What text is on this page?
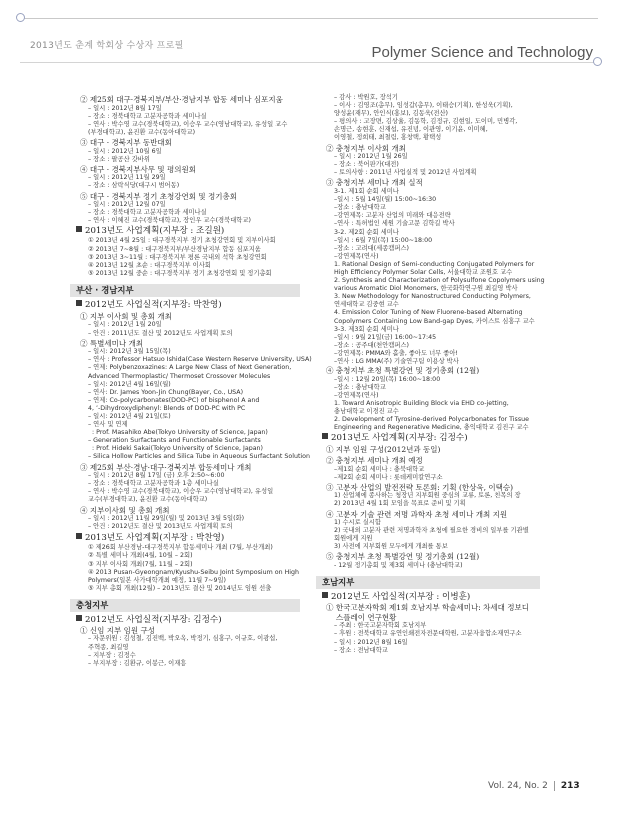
2013년도 춘계 학회상 수상자 프로필	Polymer Science and Technology
② 제25회 대구·경북지부/부산·경남지부 합동 세미나 심포지움
– 일시 : 2012년 8월 17일
– 장소 : 경북대학교 고분자공학과 세미나실
– 연사 : 박수영 교수(경북대학교), 이승우 교수(영남대학교), 유성일 교수
(부경대학교), 윤진환 교수(동아대학교)
③ 대구 · 경북지부 동반대회
– 일시 : 2012년 10월 6일
– 장소 : 팔공산 갓바위
④ 대구 · 경북지부사무 및 평의원회
– 일시 : 2012년 11월 29일
– 장소 : 삼락식당(대구시 범어동)
⑤ 대구 · 경북지부 정기 초청강연회 및 정기총회
– 일시 : 2012년 12월 07일
– 장소 : 경북대학교 고분자공학과 세미나실
– 연사 : 이혜진 교수(경북대학교), 장인우 교수(경북대학교)
2013년도 사업계획(지부장 : 조길원)
① 2013년 4월 25일 : 대구경북지부 정기 초청강연회 및 지부이사회
② 2013년 7~8월 : 대구경북지부/부산경남지부 합동 심포지움
③ 2013년 3~11월 : 대구경북지부 평론 국내외 석학 초청강연회
④ 2013년 12월 초순 : 대구경북지부 이사회
⑤ 2013년 12월 중순 : 대구경북지부 정기 초청강연회 및 정기총회
부산 · 경남지부
2012년도 사업실적(지부장: 박찬영)
① 지부 이사회 및 총회 개최
– 일시 : 2012년 1월 20일
– 안건 : 2011년도 결산 및 2012년도 사업계획 토의
② 특별세미나 개최
– 일시: 2012년 3월 15일(목)
– 연사 : Professor Hatsuo Ishida(Case Western Reserve University, USA)
– 연제: Polybenzoxazines: A Large New Class of Next Generation,
Advanced Thermoplastic/ Thermoset Crossover Molecules
– 일시: 2012년 4월 16일(월)
– 연사: Dr. James Yoon-Jin Chung(Bayer, Co., USA)
– 연제: Co-polycarbonates(DOD-PC) of bisphenol A and
4, ’-Dihydroxydiphenyl: Blends of DOD-PC with PC
– 일시: 2012년 4월 21일(토)
– 연사 및 연제
: Prof. Masahiko Abe(Tokyo University of Science, Japan)
– Generation Surfactants and Functionable Surfactants
: Prof. Hideki Sakai(Tokyo University of Science, Japan)
– Silica Hollow Particles and Silica Tube in Aqueous Surfactant Solution
③ 제25회 부산·경남·대구·경북지부 합동세미나 개최
– 일시 : 2012년 8월 17일 (금) 오후 2:50~6:00
– 장소 : 경북대학교 고분자공학과 1층 세미나실
– 연사 : 박수영 교수(경북대학교), 이승우 교수(영남대학교), 유성일
교수(부경대학교), 윤진환 교수(동아대학교)
④ 지부이사회 및 총회 개최
– 일시 : 2012년 11월 29일(월) 및 2013년 3월 5일(화)
– 안건 : 2012년도 결산 및 2013년도 사업계획 토의
2013년도 사업계획(지부장 : 박찬영)
① 제26회 부산경남-대구경북지부 합동세미나 개최 (7월, 부산개최)
② 특별 세미나 개최(4월, 10월 – 2회)
③ 지부 이사회 개최(7월, 11월 – 2회)
④ 2013 Pusan-Gyeongnam/Kyushu-Seibu Joint Symposium on High
Polymers(일본 사가대학개최 예정, 11월 7~9일)
⑤ 지부 총회 개최(12월) – 2013년도 결산 및 2014년도 임원 선출
충청지부
2012년도 사업실적(지부장: 김정수)
① 신임 지부 임원 구성
– 자문위원 : 김성철, 김진백, 박오옥, 박정기, 심홍구, 이규호, 이광섭,
주혁종, 최길영
– 지부장 : 김정수
– 부지부장 : 김환규, 이봉근, 이재흥
– 감사 : 박원호, 장석기
– 이사 : 김영조(총무), 임성갑(총무), 이태승(기획), 한성욱(기획),
양성윤(재무), 안인식(홍보), 김동욱(전산)
– 평의사 : 고장면, 김상율, 김동학, 김정규, 김현일, 도이미, 민병각,
손명근, 송현훈, 신재섭, 유진녕, 이관영, 이기윤, 이미혜,
이영철, 정희태, 최철림, 홍창택, 황택성
② 충청지부 이사회 개최
– 일시 : 2012년 1월 26일
– 장소 : 북어판가(대전)
– 토의사항 : 2011년 사업실적 및 2012년 사업계획
③ 충청지부 세미나 개최 실적
3-1. 제1회 순회 세미나
–일시 : 5월 14일(월) 15:00~16:30
–장소 : 충남대학교
–강연제목: 고분자 산업의 미래와 대응전략
–연사 : 특허법인 세원 기술고문 김학길 박사
3-2. 제2회 순회 세미나
–일시 : 6월 7일(목) 15:00~18:00
–장소 : 고려대(세종캠퍼스)
–강연제목(연사)
1. Rational Design of Semi-conducting Conjugated Polymers for
High Efficiency Polymer Solar Cells, 서울대학교 조원호 교수
2. Synthesis and Characterization of Polysulfone Copolymers using
various Aromatic Diol Monomers, 한국화학연구원 최길영 박사
3. New Methodology for Nanostructured Conducting Polymers,
연세대학교 김중현 교수
4. Emission Color Tuning of New Fluorene-based Alternating
Copolymers Containing Low Band-gap Dyes, 카이스트 심홍구 교수
3-3. 제3회 순회 세미나
–일시 : 9월 21일(금) 16:00~17:45
–장소 : 공주대(천안캠퍼스)
–강연제목: PMMA와 홀출, 좋아도 너무 좋아!
–연사 : LG MMA(주) 기술연구팀 이용상 박사
④ 충청지부 초청 특별강연 및 정기총회 (12월)
–일시 : 12월 20일(목) 16:00~18:00
–장소 : 충남대학교
–강연제목(연사)
1. Toward Anisotropic Building Block via EHD co-jetting,
충남대학교 이경진 교수
2. Development of Tyrosine-derived Polycarbonates for Tissue
Engineering and Regenerative Medicine, 충익대학교 김진구 교수
2013년도 사업계획(지부장: 김정수)
① 지부 임원 구성(2012년과 동일)
② 충청지부 세미나 개최 예정
–제1회 순회 세미나 : 충북대학교
–제2회 순회 세미나 : 롯데케미칼연구소
③ 고분자 산업의 발전전략 토론회: 기획 (한상욱, 이택승)
1) 산업체에 종사하는 청장년 지부회원 중심의 교류, 토론, 친목의 장
2) 2013년 4월 1회 모임을 목표로 준비 및 기획
④ 고분자 기술 관련 저명 과학자 초청 세미나 개최 지원
1) 수시로 실시함
2) 국내외 고분자 관련 저명과학자 초청에 필요한 경비의 일부를 기관별
회원에게 지원
3) 사전에 지부회원 모두에게 개최를 통보
⑤ 충청지부 초청 특별강연 및 정기총회 (12월)
- 12월 정기총회 및 제3회 세미나 (충남대학교)
호남지부
2012년도 사업실적(지부장 : 이병훈)
① 한국고분자학회 제1회 호남지부 학술세미나: 차세대 정보디
스플레이 연구현황
– 주최 : 한국고분자학회 호남지부
– 후원 : 전북대학교 유연인쇄전자전문대학원, 고분자융합소재연구소
– 일시 : 2012년 8월 16일
– 장소 : 전남대학교
Vol. 24, No. 2 213
